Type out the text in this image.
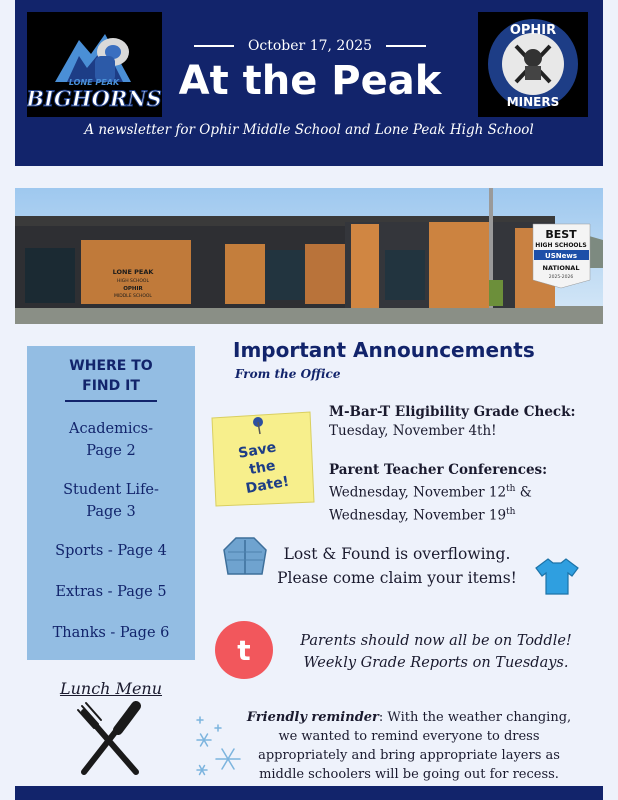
LONE PEAK
BIGHORNS
October 17, 2025
At the Peak
OPHIR
MINERS
A newsletter for Ophir Middle School and Lone Peak High School
LONE PEAK
HIGH SCHOOL
OPHIR
MIDDLE SCHOOL
BEST
HIGH SCHOOLS
USNews
NATIONAL
2025-2026
WHERE TO
FIND IT
Academics-
Page 2
Student Life-
Page 3
Sports - Page 4
Extras - Page 5
Thanks - Page 6
Lunch Menu
Important Announcements
From the Office
Save
the
Date!
M-Bar-T Eligibility Grade Check:
Tuesday, November 4th!
Parent Teacher Conferences:
Wednesday, November 12th &
Wednesday, November 19th
Lost & Found is overflowing.
Please come claim your items!
t	Parents should now all be on Toddle!
Weekly Grade Reports on Tuesdays.
Friendly reminder: With the weather changing,
we wanted to remind everyone to dress
appropriately and bring appropriate layers as
middle schoolers will be going out for recess.
